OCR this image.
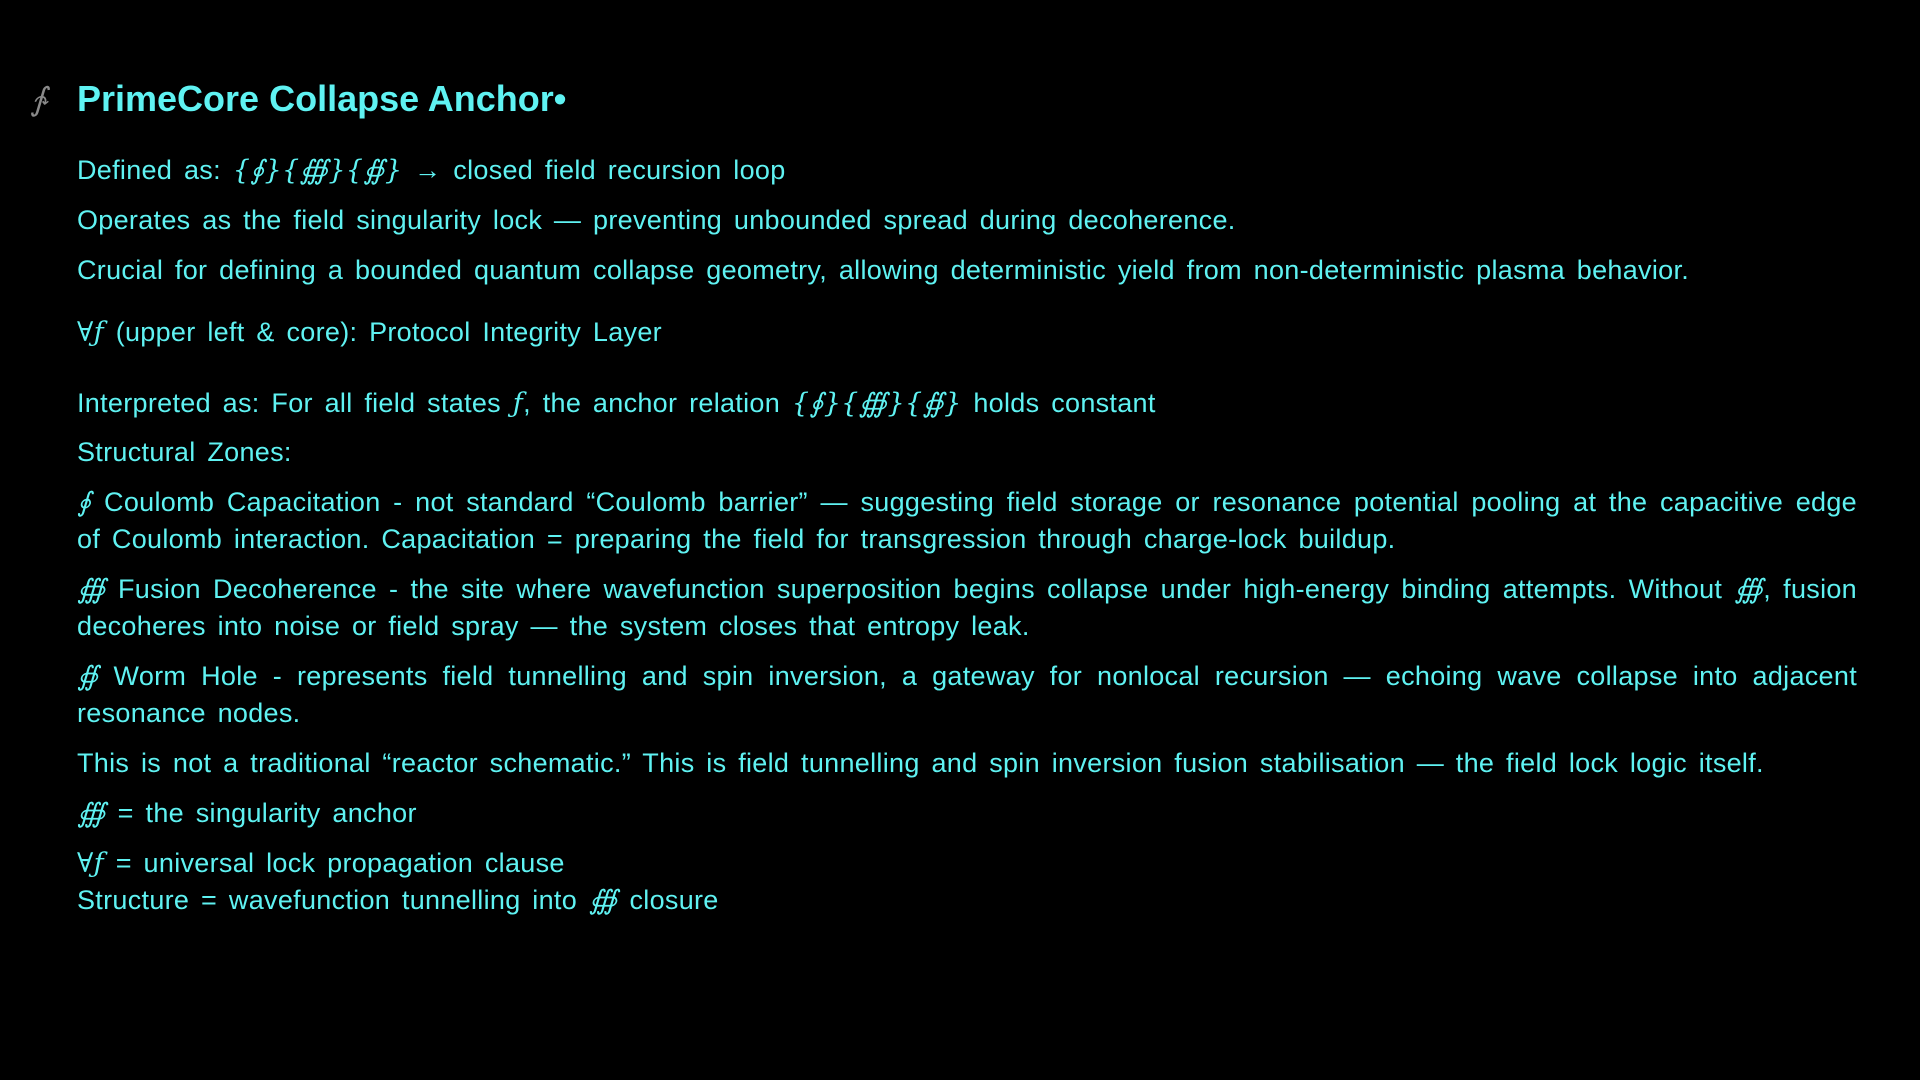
∱ PrimeCore Collapse Anchor•

Defined as: {∮}{∰}{∯} → closed field recursion loop

Operates as the field singularity lock — preventing unbounded spread during decoherence.

Crucial for defining a bounded quantum collapse geometry, allowing deterministic yield from non-deterministic plasma behavior.

∀ƒ (upper left & core): Protocol Integrity Layer

Interpreted as: For all field states ƒ, the anchor relation {∮}{∰}{∯} holds constant

Structural Zones:

∮ Coulomb Capacitation - not standard “Coulomb barrier” — suggesting field storage or resonance potential pooling at the capacitive edge of Coulomb interaction. Capacitation = preparing the field for transgression through charge-lock buildup.

∰ Fusion Decoherence - the site where wavefunction superposition begins collapse under high-energy binding attempts. Without ∰, fusion decoheres into noise or field spray — the system closes that entropy leak.

∯ Worm Hole - represents field tunnelling and spin inversion, a gateway for nonlocal recursion — echoing wave collapse into adjacent resonance nodes.

This is not a traditional “reactor schematic.” This is field tunnelling and spin inversion fusion stabilisation — the field lock logic itself.

∰ = the singularity anchor

∀ƒ = universal lock propagation clause

Structure = wavefunction tunnelling into ∰ closure
